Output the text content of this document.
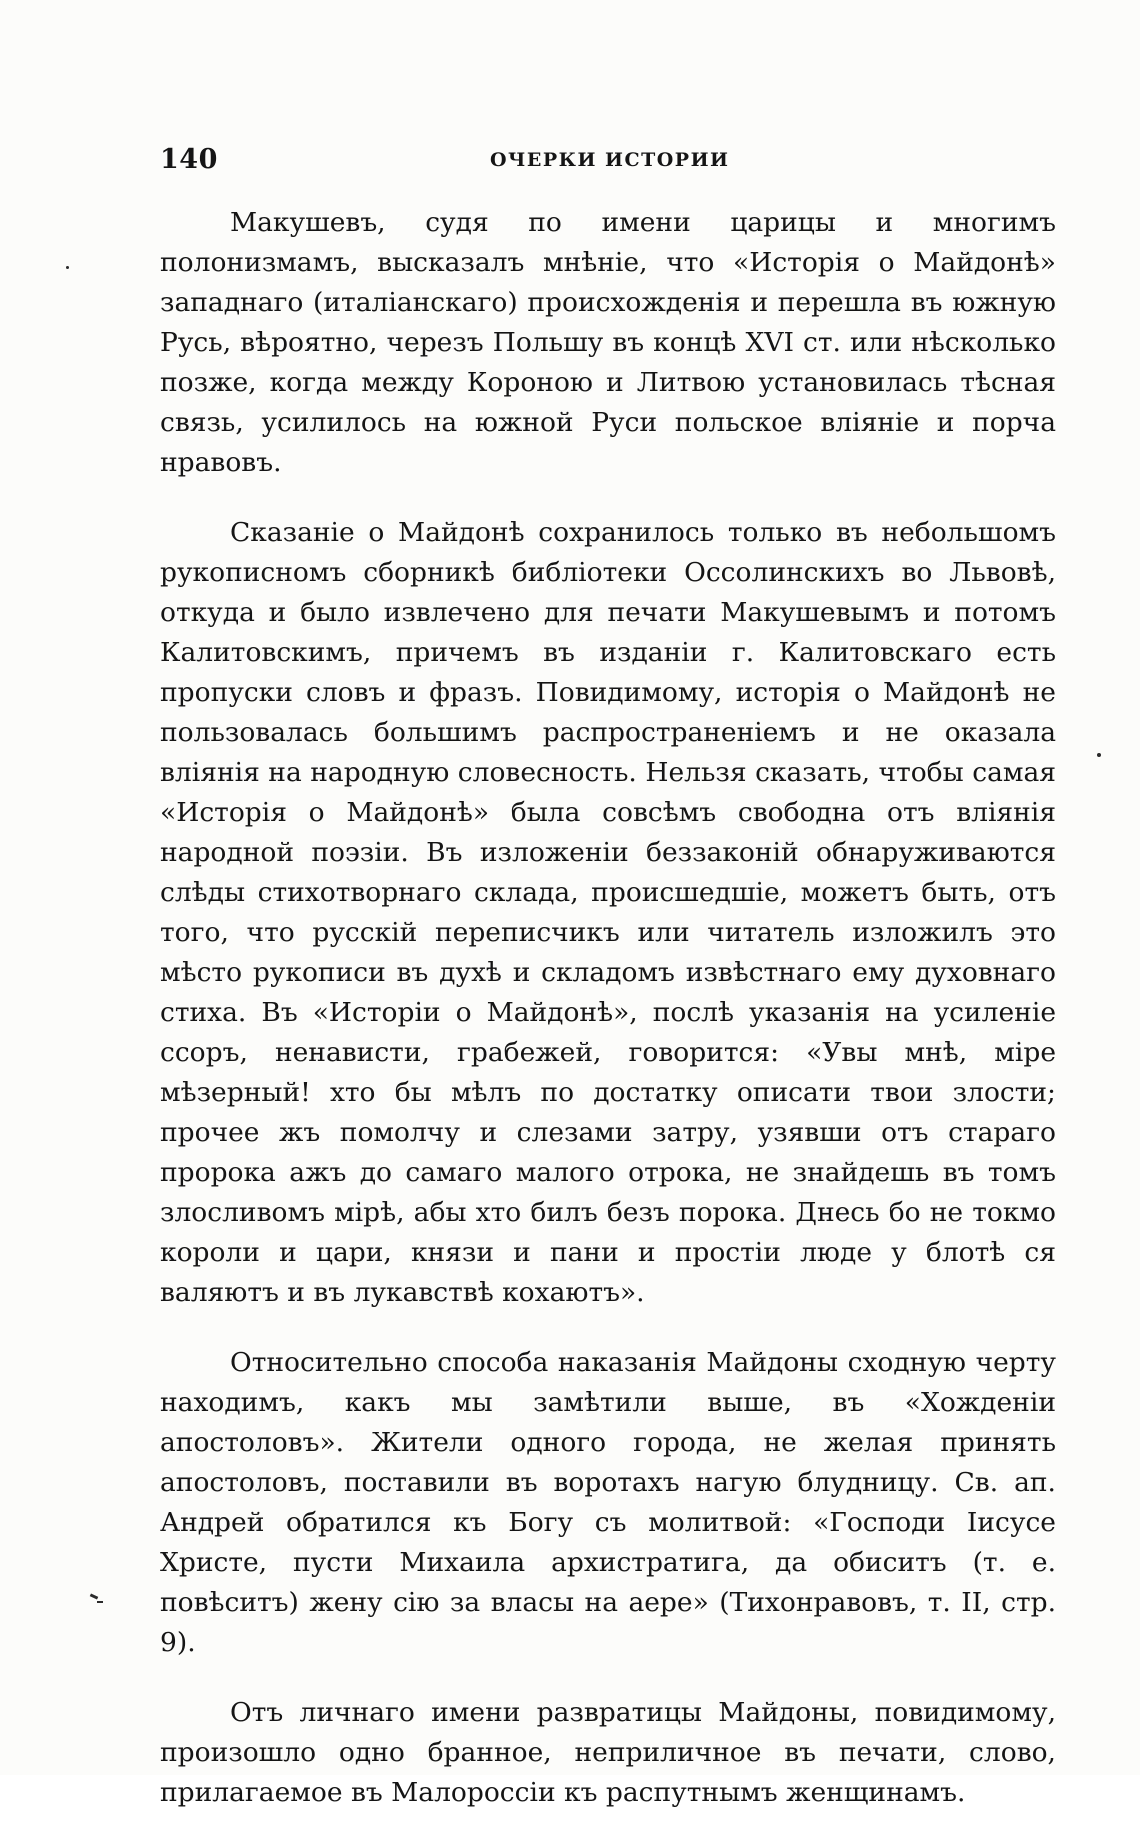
140	ОЧЕРКИ ИСТОРИИ

Макушевъ, судя по имени царицы и многимъ полонизмамъ, высказалъ мнѣніе, что «Исторія о Майдонѣ» западнаго (италіанскаго) происхожденія и перешла въ южную Русь, вѣроятно, черезъ Польшу въ концѣ XVI ст. или нѣсколько позже, когда между Короною и Литвою установилась тѣсная связь, усилилось на южной Руси польское вліяніе и порча нравовъ.

Сказаніе о Майдонѣ сохранилось только въ небольшомъ рукописномъ сборникѣ библіотеки Оссолинскихъ во Львовѣ, откуда и было извлечено для печати Макушевымъ и потомъ Калитовскимъ, причемъ въ изданіи г. Калитовскаго есть пропуски словъ и фразъ. Повидимому, исторія о Майдонѣ не пользовалась большимъ распространеніемъ и не оказала вліянія на народную словесность. Нельзя сказать, чтобы самая «Исторія о Майдонѣ» была совсѣмъ свободна отъ вліянія народной поэзіи. Въ изложеніи беззаконій обнаруживаются слѣды стихотворнаго склада, происшедшіе, можетъ быть, отъ того, что русскій переписчикъ или читатель изложилъ это мѣсто рукописи въ духѣ и складомъ извѣстнаго ему духовнаго стиха. Въ «Исторіи о Майдонѣ», послѣ указанія на усиленіе ссоръ, ненависти, грабежей, говорится: «Увы мнѣ, міре мѣзерный! хто бы мѣлъ по достатку описати твои злости; прочее жъ помолчу и слезами затру, узявши отъ стараго пророка ажъ до самаго малого отрока, не знайдешь въ томъ злосливомъ мірѣ, абы хто билъ безъ порока. Днесь бо не токмо короли и цари, князи и пани и простіи люде у блотѣ ся валяютъ и въ лукавствѣ кохаютъ».

Относительно способа наказанія Майдоны сходную черту находимъ, какъ мы замѣтили выше, въ «Хожденіи апостоловъ». Жители одного города, не желая принять апостоловъ, поставили въ воротахъ нагую блудницу. Св. ап. Андрей обратился къ Богу съ молитвой: «Господи Іисусе Христе, пусти Михаила архистратига, да обиситъ (т. е. повѣситъ) жену сію за власы на аере» (Тихонравовъ, т. II, стр. 9).

Отъ личнаго имени развратицы Майдоны, повидимому, произошло одно бранное, неприличное въ печати, слово, прилагаемое въ Малороссіи къ распутнымъ женщинамъ.
